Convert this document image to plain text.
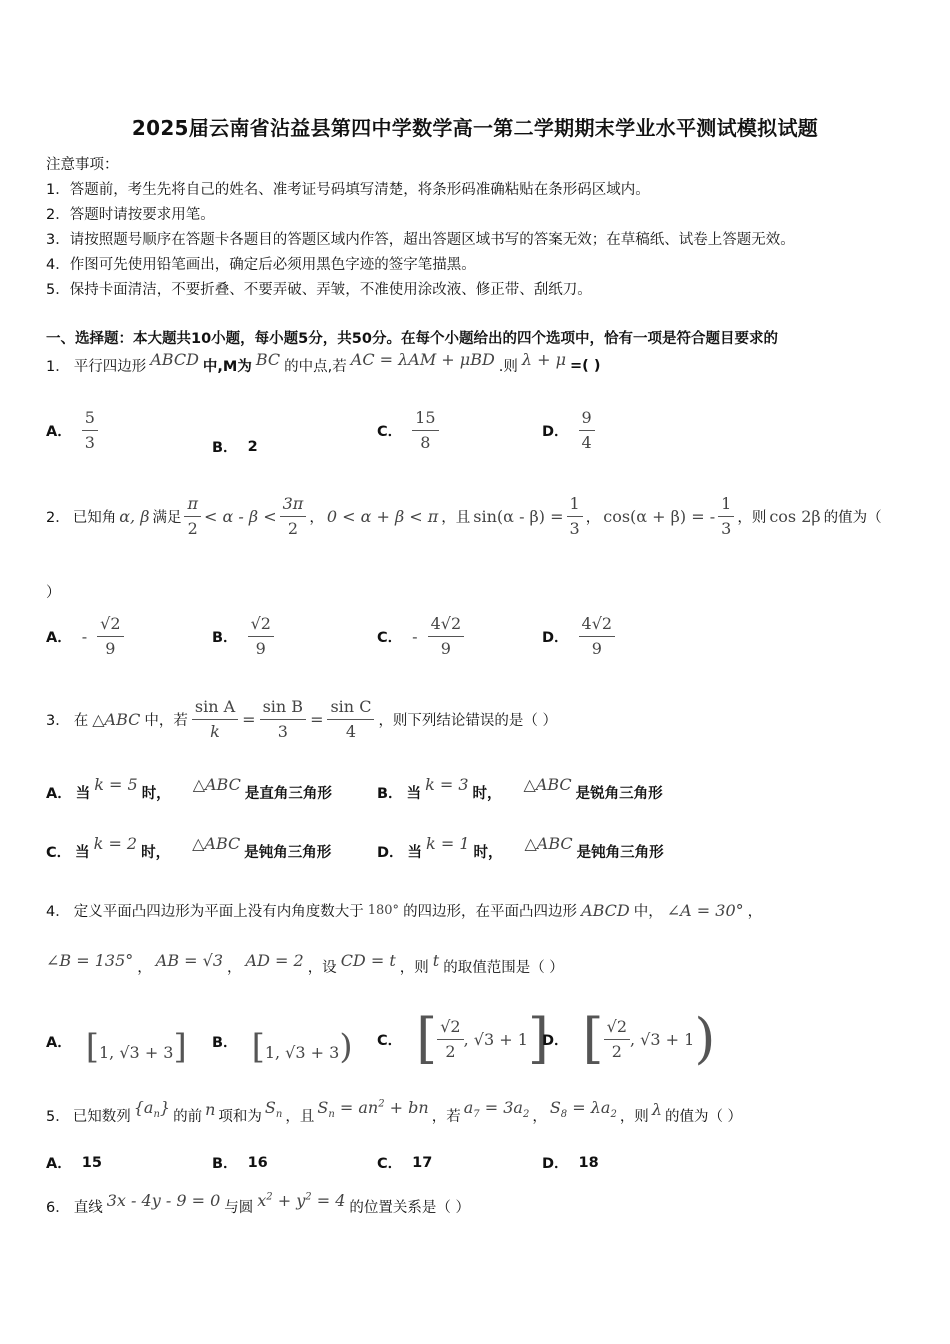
2025届云南省沾益县第四中学数学高一第二学期期末学业水平测试模拟试题
注意事项：
1．答题前，考生先将自己的姓名、准考证号码填写清楚，将条形码准确粘贴在条形码区域内。
2．答题时请按要求用笔。
3．请按照题号顺序在答题卡各题目的答题区域内作答，超出答题区域书写的答案无效；在草稿纸、试卷上答题无效。
4．作图可先使用铅笔画出，确定后必须用黑色字迹的签字笔描黑。
5．保持卡面清洁，不要折叠、不要弄破、弄皱，不准使用涂改液、修正带、刮纸刀。
一、选择题：本大题共10小题，每小题5分，共50分。在每个小题给出的四个选项中，恰有一项是符合题目要求的
1． 平行四边形 ABCD 中,M为 BC 的中点,若 AC = λAM + μBD .则 λ + μ =( )
A． $\frac{5}{3}$	B． 2
C． $\frac{15}{8}$	D． $\frac{9}{4}$
2． 已知角 α, β 满足 $\frac{\pi}{2} < \alpha - \beta < \frac{3\pi}{2}$ ， 0 < α + β < π ，且 $\sin(\alpha - \beta) = \frac{1}{3}$ ， cos(α + β) = - $\frac{1}{3}$ ，则 cos 2β 的值为（
）
A． - $\frac{√2}{9}$	B． $\frac{√2}{9}$	C． - $\frac{4√2}{9}$	D． $\frac{4√2}{9}$
3． 在 △ABC 中，若 $\frac{\text{sin A}}{k} = \frac{\text{sin B}}{3} = \frac{\text{sin C}}{4}$ ，则下列结论错误的是（ ）
A． 当 k = 5 时， △ABC 是直角三角形	B． 当 k = 3 时， △ABC 是锐角三角形
C． 当 k = 2 时， △ABC 是钝角三角形	D． 当 k = 1 时， △ABC 是钝角三角形
4． 定义平面凸四边形为平面上没有内角度数大于 180° 的四边形，在平面凸四边形 ABCD 中， ∠A = 30° ，
∠B = 135° ， AB = √3 ， AD = 2 ，设 CD = t ，则 t 的取值范围是（ ）
A． [1, √3 + 3] B． [1, √3 + 3) C． [ $\frac{√2}{2}$ , √3 + 1 ]
D． [ $\frac{√2}{2}$ , √3 + 1 )
5． 已知数列 $\{a_n\}$ 的前 n 项和为 $S_n$ ，且 $S_n = an^2$ + bn ，若 $a_7 = 3a_2$ ， $S_8 = \lambda a_2$ ，则 λ 的值为（ ）
A． 15	B． 16	C． 17	D． 18
6． 直线 3x - 4y - 9 = 0 与圆 $x^2 + y^2 = 4$ 的位置关系是（ ）
